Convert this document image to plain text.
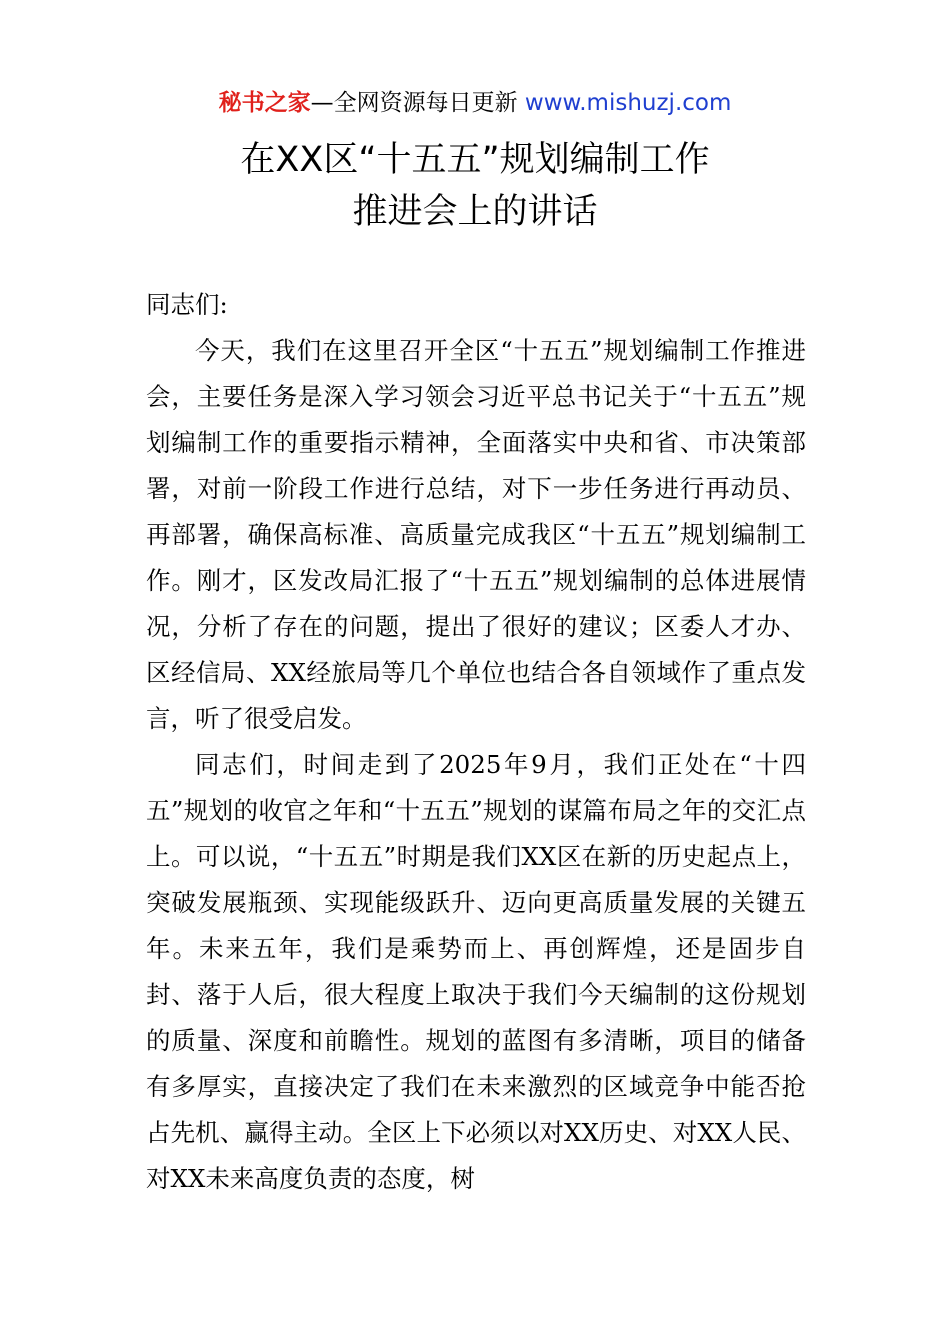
秘书之家—全网资源每日更新 www.mishuzj.com
在XX区“十五五”规划编制工作
推进会上的讲话

同志们:

今天，我们在这里召开全区“十五五”规划编制工作推进会，主要任务是深入学习领会习近平总书记关于“十五五”规划编制工作的重要指示精神，全面落实中央和省、市决策部署，对前一阶段工作进行总结，对下一步任务进行再动员、再部署，确保高标准、高质量完成我区“十五五”规划编制工作。刚才，区发改局汇报了“十五五”规划编制的总体进展情况，分析了存在的问题，提出了很好的建议；区委人才办、区经信局、XX经旅局等几个单位也结合各自领域作了重点发言，听了很受启发。

同志们，时间走到了2025年9月，我们正处在“十四五”规划的收官之年和“十五五”规划的谋篇布局之年的交汇点上。可以说，“十五五”时期是我们XX区在新的历史起点上，突破发展瓶颈、实现能级跃升、迈向更高质量发展的关键五年。未来五年，我们是乘势而上、再创辉煌，还是固步自封、落于人后，很大程度上取决于我们今天编制的这份规划的质量、深度和前瞻性。规划的蓝图有多清晰，项目的储备有多厚实，直接决定了我们在未来激烈的区域竞争中能否抢占先机、赢得主动。全区上下必须以对XX历史、对XX人民、对XX未来高度负责的态度，树
